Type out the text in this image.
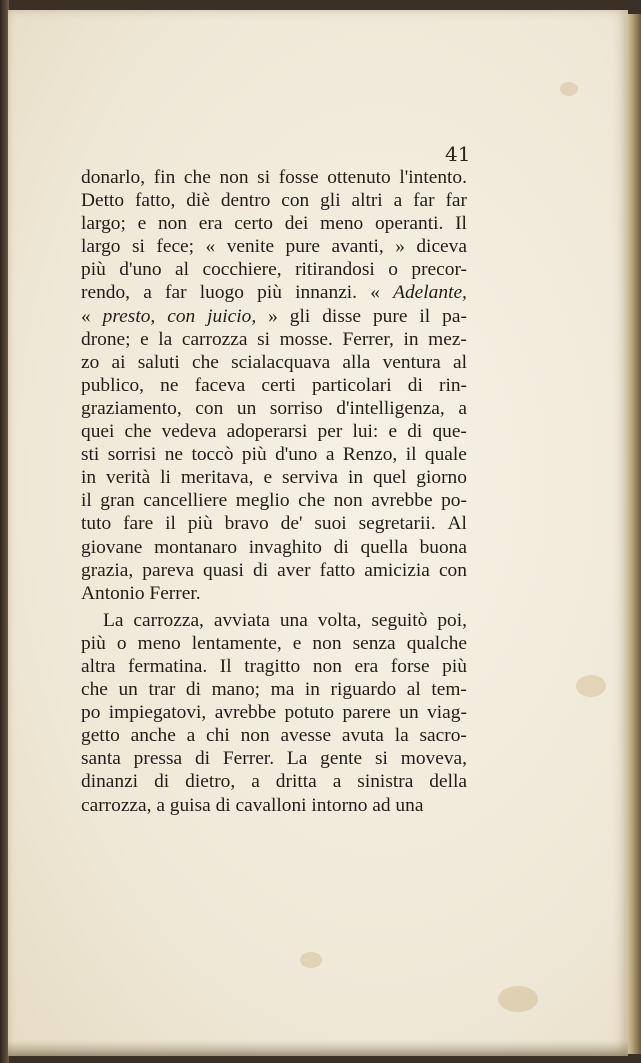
41
donarlo, fin che non si fosse ottenuto l'intento.
Detto fatto, diè dentro con gli altri a far far
largo; e non era certo dei meno operanti. Il
largo si fece; « venite pure avanti, » diceva
più d'uno al cocchiere, ritirandosi o precor-
rendo, a far luogo più innanzi. « Adelante,
« presto, con juicio, » gli disse pure il pa-
drone; e la carrozza si mosse. Ferrer, in mez-
zo ai saluti che scialacquava alla ventura al
publico, ne faceva certi particolari di rin-
graziamento, con un sorriso d'intelligenza, a
quei che vedeva adoperarsi per lui: e di que-
sti sorrisi ne toccò più d'uno a Renzo, il quale
in verità li meritava, e serviva in quel giorno
il gran cancelliere meglio che non avrebbe po-
tuto fare il più bravo de' suoi segretarii. Al
giovane montanaro invaghito di quella buona
grazia, pareva quasi di aver fatto amicizia con
Antonio Ferrer.
La carrozza, avviata una volta, seguitò poi,
più o meno lentamente, e non senza qualche
altra fermatina. Il tragitto non era forse più
che un trar di mano; ma in riguardo al tem-
po impiegatovi, avrebbe potuto parere un viag-
getto anche a chi non avesse avuta la sacro-
santa pressa di Ferrer. La gente si moveva,
dinanzi di dietro, a dritta a sinistra della
carrozza, a guisa di cavalloni intorno ad una
